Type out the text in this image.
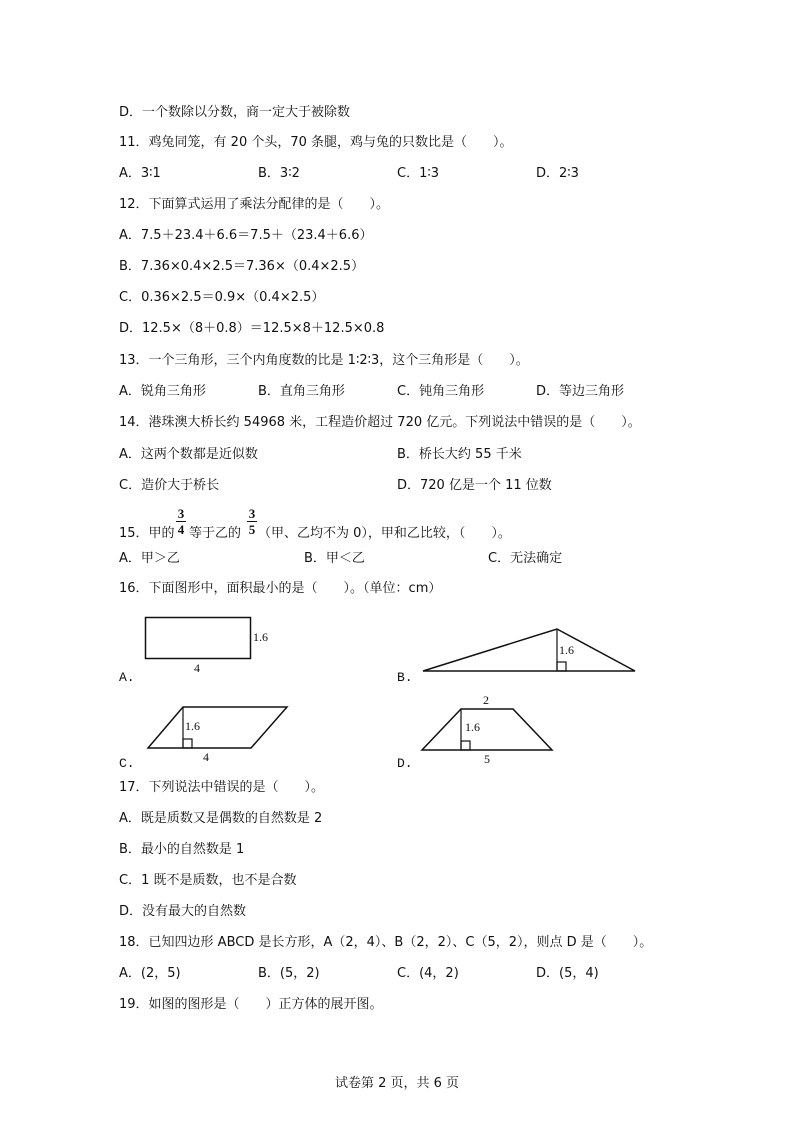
D．一个数除以分数，商一定大于被除数
11．鸡兔同笼，有 20 个头，70 条腿，鸡与兔的只数比是（　　）。
A．3∶1	B．3∶2	C．1∶3	D．2∶3
12．下面算式运用了乘法分配律的是（　　）。
A．7.5＋23.4＋6.6＝7.5＋（23.4＋6.6）
B．7.36×0.4×2.5＝7.36×（0.4×2.5）
C．0.36×2.5＝0.9×（0.4×2.5）
D．12.5×（8＋0.8）＝12.5×8＋12.5×0.8
13．一个三角形，三个内角度数的比是 1∶2∶3，这个三角形是（　　）。
A．锐角三角形	B．直角三角形	C．钝角三角形	D．等边三角形
14．港珠澳大桥长约 54968 米，工程造价超过 720 亿元。下列说法中错误的是（　　）。
A．这两个数都是近似数	B．桥长大约 55 千米
C．造价大于桥长	D．720 亿是一个 11 位数
15．甲的
3
4 等于乙的
3
5 （甲、乙均不为 0），甲和乙比较，（　　）。
A．甲＞乙	B．甲＜乙	C．无法确定
16．下面图形中，面积最小的是（　　）。（单位：cm）
A.
1.6
4
B.
1.6
C.
1.6
4	D.
2
1.6
5
17．下列说法中错误的是（　　）。
A．既是质数又是偶数的自然数是 2
B．最小的自然数是 1
C．1 既不是质数，也不是合数
D．没有最大的自然数
18．已知四边形 ABCD 是长方形，A（2，4）、B（2，2）、C（5，2），则点 D 是（　　）。
A．(2，5)	B．(5，2)	C．(4，2)	D．(5，4)
19．如图的图形是（　　）正方体的展开图。
试卷第 2 页，共 6 页
